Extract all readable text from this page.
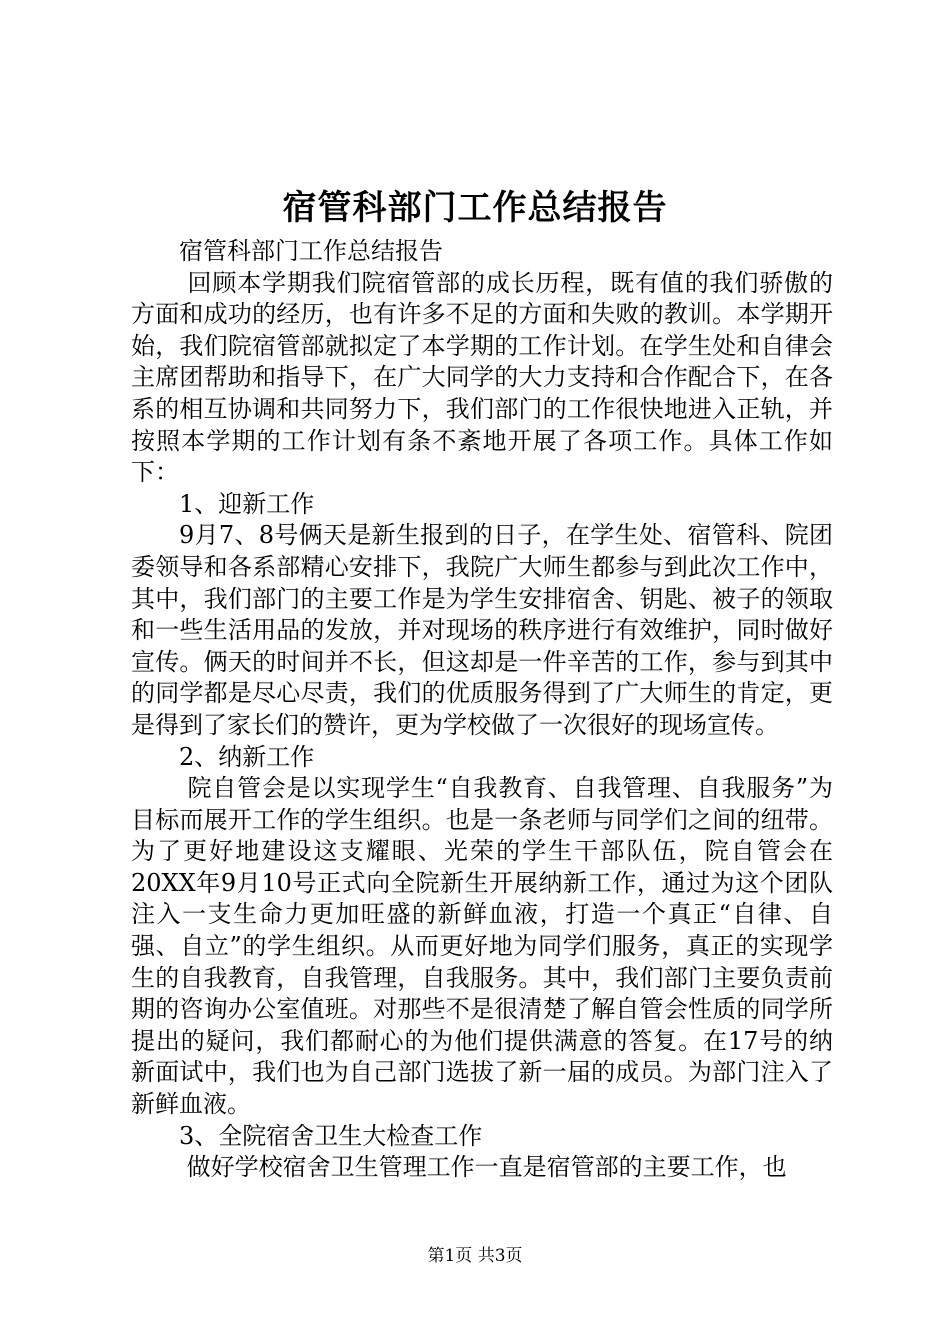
宿管科部门工作总结报告

宿管科部门工作总结报告

回顾本学期我们院宿管部的成长历程，既有值的我们骄傲的方面和成功的经历，也有许多不足的方面和失败的教训。本学期开始，我们院宿管部就拟定了本学期的工作计划。在学生处和自律会主席团帮助和指导下，在广大同学的大力支持和合作配合下，在各系的相互协调和共同努力下，我们部门的工作很快地进入正轨，并按照本学期的工作计划有条不紊地开展了各项工作。具体工作如下：

1、迎新工作

9月7、8号俩天是新生报到的日子，在学生处、宿管科、院团委领导和各系部精心安排下，我院广大师生都参与到此次工作中，其中，我们部门的主要工作是为学生安排宿舍、钥匙、被子的领取和一些生活用品的发放，并对现场的秩序进行有效维护，同时做好宣传。俩天的时间并不长，但这却是一件辛苦的工作，参与到其中的同学都是尽心尽责，我们的优质服务得到了广大师生的肯定，更是得到了家长们的赞许，更为学校做了一次很好的现场宣传。

2、纳新工作

院自管会是以实现学生“自我教育、自我管理、自我服务”为目标而展开工作的学生组织。也是一条老师与同学们之间的纽带。为了更好地建设这支耀眼、光荣的学生干部队伍，院自管会在20XX年9月10号正式向全院新生开展纳新工作，通过为这个团队注入一支生命力更加旺盛的新鲜血液，打造一个真正“自律、自强、自立”的学生组织。从而更好地为同学们服务，真正的实现学生的自我教育，自我管理，自我服务。其中，我们部门主要负责前期的咨询办公室值班。对那些不是很清楚了解自管会性质的同学所提出的疑问，我们都耐心的为他们提供满意的答复。在17号的纳新面试中，我们也为自己部门选拔了新一届的成员。为部门注入了新鲜血液。

3、全院宿舍卫生大检查工作

做好学校宿舍卫生管理工作一直是宿管部的主要工作，也

第1页 共3页
